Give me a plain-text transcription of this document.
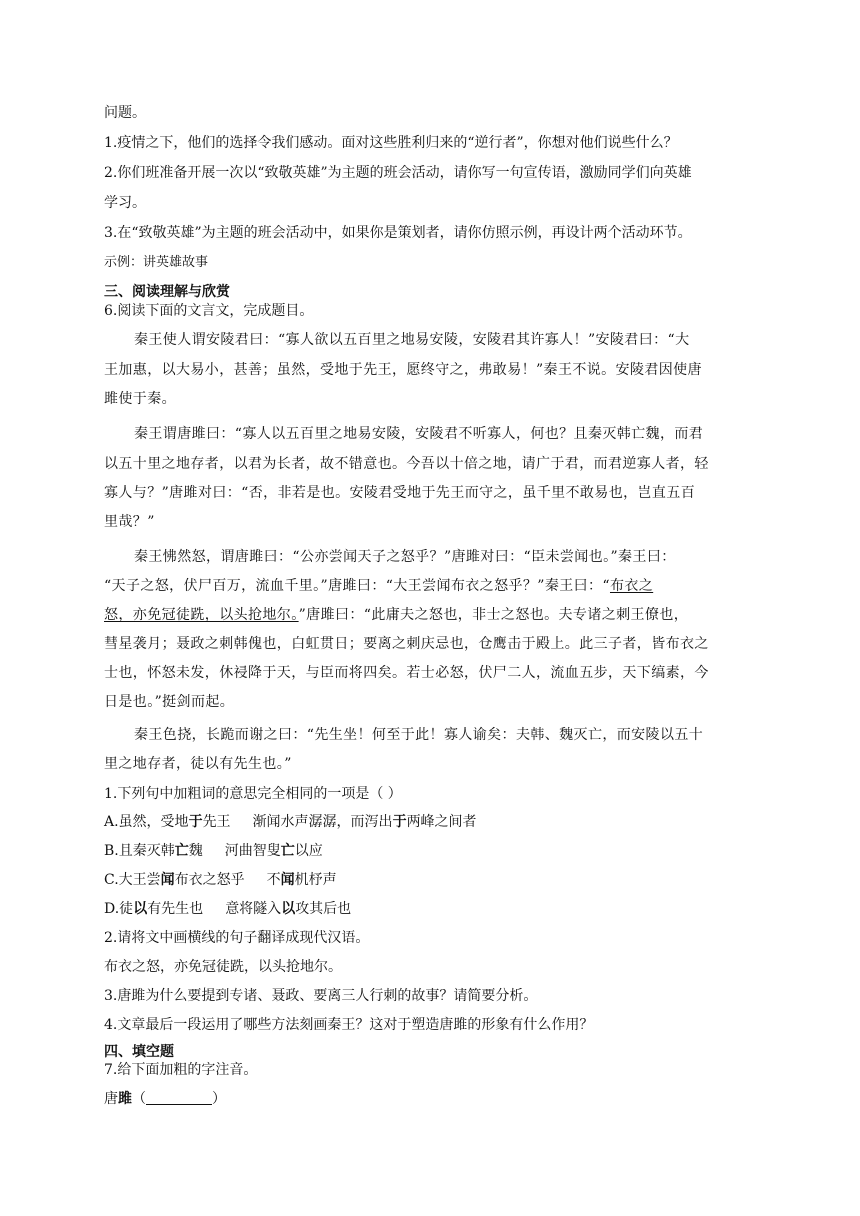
问题。
1.疫情之下，他们的选择令我们感动。面对这些胜利归来的“逆行者”，你想对他们说些什么？
2.你们班准备开展一次以“致敬英雄”为主题的班会活动，请你写一句宣传语，激励同学们向英雄
学习。
3.在“致敬英雄”为主题的班会活动中，如果你是策划者，请你仿照示例，再设计两个活动环节。
示例：讲英雄故事
三、阅读理解与欣赏
6.阅读下面的文言文，完成题目。
秦王使人谓安陵君曰：“寡人欲以五百里之地易安陵，安陵君其许寡人！”安陵君曰：“大
王加惠，以大易小，甚善；虽然，受地于先王，愿终守之，弗敢易！”秦王不说。安陵君因使唐
雎使于秦。
秦王谓唐雎曰：“寡人以五百里之地易安陵，安陵君不听寡人，何也？且秦灭韩亡魏，而君
以五十里之地存者，以君为长者，故不错意也。今吾以十倍之地，请广于君，而君逆寡人者，轻
寡人与？”唐雎对曰：“否，非若是也。安陵君受地于先王而守之，虽千里不敢易也，岂直五百
里哉？”
秦王怫然怒，谓唐雎曰：“公亦尝闻天子之怒乎？”唐雎对曰：“臣未尝闻也。”秦王曰：
“天子之怒，伏尸百万，流血千里。”唐雎曰：“大王尝闻布衣之怒乎？”秦王曰：“布衣之
怒，亦免冠徒跣，以头抢地尔。”唐雎曰：“此庸夫之怒也，非士之怒也。夫专诸之刺王僚也，
彗星袭月；聂政之刺韩傀也，白虹贯日；要离之刺庆忌也，仓鹰击于殿上。此三子者，皆布衣之
士也，怀怒未发，休祲降于天，与臣而将四矣。若士必怒，伏尸二人，流血五步，天下缟素，今
日是也。”挺剑而起。
秦王色挠，长跪而谢之曰：“先生坐！何至于此！寡人谕矣：夫韩、魏灭亡，而安陵以五十
里之地存者，徒以有先生也。”
1.下列句中加粗词的意思完全相同的一项是（ ）
A.虽然，受地于先王 渐闻水声潺潺，而泻出于两峰之间者
B.且秦灭韩亡魏 河曲智叟亡以应
C.大王尝闻布衣之怒乎 不闻机杼声
D.徒以有先生也 意将隧入以攻其后也
2.请将文中画横线的句子翻译成现代汉语。
布衣之怒，亦免冠徒跣，以头抢地尔。
3.唐雎为什么要提到专诸、聂政、要离三人行刺的故事？请简要分析。
4.文章最后一段运用了哪些方法刻画秦王？这对于塑造唐雎的形象有什么作用？
四、填空题
7.给下面加粗的字注音。
唐雎（	）
